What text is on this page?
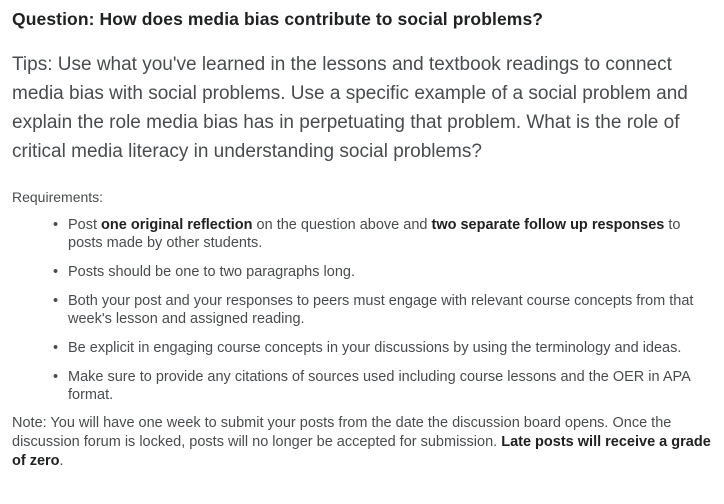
Question: How does media bias contribute to social problems?

Tips: Use what you've learned in the lessons and textbook readings to connect media bias with social problems. Use a specific example of a social problem and explain the role media bias has in perpetuating that problem. What is the role of critical media literacy in understanding social problems?

Requirements:

• Post one original reflection on the question above and two separate follow up responses to posts made by other students.
• Posts should be one to two paragraphs long.
• Both your post and your responses to peers must engage with relevant course concepts from that week's lesson and assigned reading.
• Be explicit in engaging course concepts in your discussions by using the terminology and ideas.
• Make sure to provide any citations of sources used including course lessons and the OER in APA format.

Note: You will have one week to submit your posts from the date the discussion board opens. Once the discussion forum is locked, posts will no longer be accepted for submission. Late posts will receive a grade of zero.
